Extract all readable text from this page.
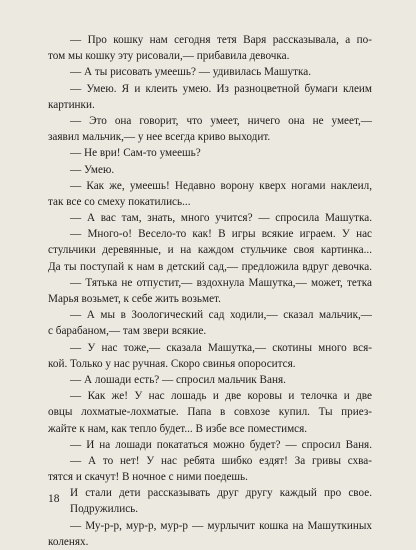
— Про кошку нам сегодня тетя Варя рассказывала, а по-
том мы кошку эту рисовали,— прибавила девочка.
— А ты рисовать умеешь? — удивилась Машутка.
— Умею. Я и клеить умею. Из разноцветной бумаги клеим
картинки.
— Это она говорит, что умеет, ничего она не умеет,—
заявил мальчик,— у нее всегда криво выходит.
— Не ври! Сам-то умеешь?
— Умею.
— Как же, умеешь! Недавно ворону кверх ногами наклеил,
так все со смеху покатились...
— А вас там, знать, много учится? — спросила Машутка.
— Много-о! Весело-то как! В игры всякие играем. У нас
стульчики деревянные, и на каждом стульчике своя картинка...
Да ты поступай к нам в детский сад,— предложила вдруг девочка.
— Тятька не отпустит,— вздохнула Машутка,— может, тетка
Марья возьмет, к себе жить возьмет.
— А мы в Зоологический сад ходили,— сказал мальчик,—
с барабаном,— там звери всякие.
— У нас тоже,— сказала Машутка,— скотины много вся-
кой. Только у нас ручная. Скоро свинья опоросится.
— А лошади есть? — спросил мальчик Ваня.
— Как же! У нас лошадь и две коровы и телочка и две
овцы лохматые-лохматые. Папа в совхозе купил. Ты приез-
жайте к нам, как тепло будет... В избе все поместимся.
— И на лошади покататься можно будет? — спросил Ваня.
— А то нет! У нас ребята шибко ездят! За гривы схва-
тятся и скачут! В ночное с ними поедешь.
И стали дети рассказывать друг другу каждый про свое.
Подружились.
— Му-р-р, мур-р, мур-р — мурлычит кошка на Машуткиных
коленях.
18
